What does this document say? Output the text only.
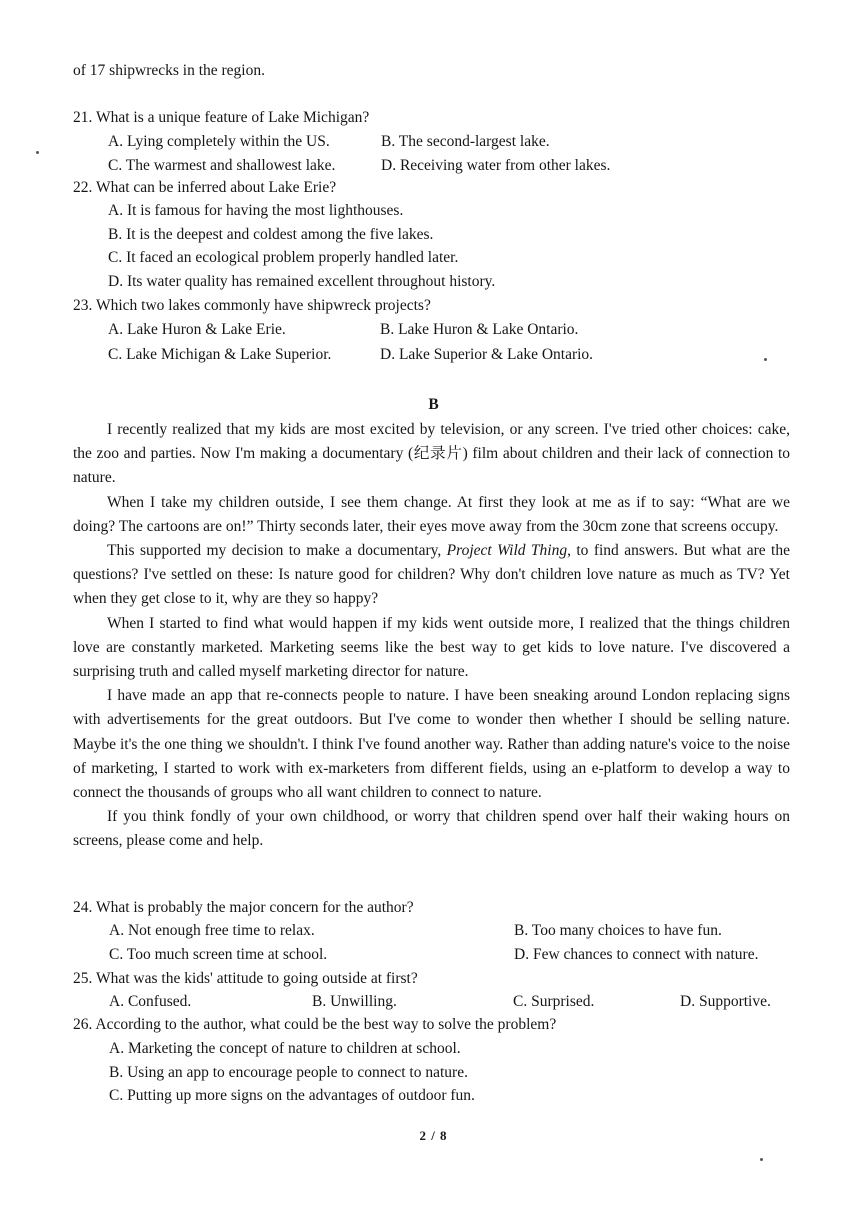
of 17 shipwrecks in the region.
21. What is a unique feature of Lake Michigan?
A. Lying completely within the US.	B. The second-largest lake.
C. The warmest and shallowest lake.	D. Receiving water from other lakes.
22. What can be inferred about Lake Erie?
A. It is famous for having the most lighthouses.
B. It is the deepest and coldest among the five lakes.
C. It faced an ecological problem properly handled later.
D. Its water quality has remained excellent throughout history.
23. Which two lakes commonly have shipwreck projects?
A. Lake Huron & Lake Erie.	B. Lake Huron & Lake Ontario.
C. Lake Michigan & Lake Superior.	D. Lake Superior & Lake Ontario.
B

I recently realized that my kids are most excited by television, or any screen. I've tried other choices: cake, the zoo and parties. Now I'm making a documentary (纪录片) film about children and their lack of connection to nature.

When I take my children outside, I see them change. At first they look at me as if to say: “What are we doing? The cartoons are on!” Thirty seconds later, their eyes move away from the 30cm zone that screens occupy.

This supported my decision to make a documentary, Project Wild Thing, to find answers. But what are the questions? I've settled on these: Is nature good for children? Why don't children love nature as much as TV? Yet when they get close to it, why are they so happy?

When I started to find what would happen if my kids went outside more, I realized that the things children love are constantly marketed. Marketing seems like the best way to get kids to love nature. I've discovered a surprising truth and called myself marketing director for nature.

I have made an app that re-connects people to nature. I have been sneaking around London replacing signs with advertisements for the great outdoors. But I've come to wonder then whether I should be selling nature. Maybe it's the one thing we shouldn't. I think I've found another way. Rather than adding nature's voice to the noise of marketing, I started to work with ex-marketers from different fields, using an e-platform to develop a way to connect the thousands of groups who all want children to connect to nature.

If you think fondly of your own childhood, or worry that children spend over half their waking hours on screens, please come and help.

24. What is probably the major concern for the author?
A. Not enough free time to relax.	B. Too many choices to have fun.
C. Too much screen time at school.	D. Few chances to connect with nature.
25. What was the kids' attitude to going outside at first?
A. Confused.	B. Unwilling.	C. Surprised.	D. Supportive.
26. According to the author, what could be the best way to solve the problem?
A. Marketing the concept of nature to children at school.
B. Using an app to encourage people to connect to nature.
C. Putting up more signs on the advantages of outdoor fun.
2 / 8
